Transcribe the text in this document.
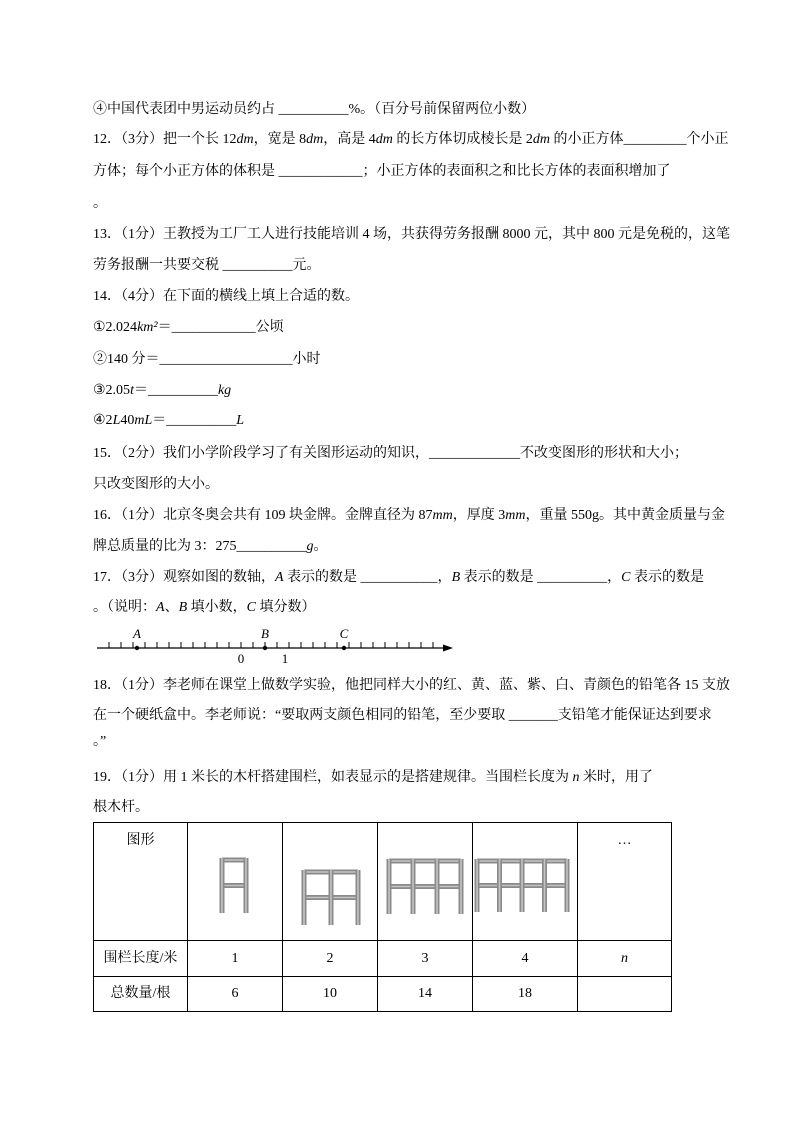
④中国代表团中男运动员约占 __________%。（百分号前保留两位小数）
12．（3分）把一个长 12dm，宽是 8dm，高是 4dm 的长方体切成棱长是 2dm 的小正方体_________个小正
方体；每个小正方体的体积是 ____________；小正方体的表面积之和比长方体的表面积增加了
。
13．（1分）王教授为工厂工人进行技能培训 4 场，共获得劳务报酬 8000 元，其中 800 元是免税的，这笔
劳务报酬一共要交税 __________元。
14．（4分）在下面的横线上填上合适的数。
①2.024km²＝____________公顷
②140 分＝___________________小时
③2.05t＝__________kg
④2L40mL＝__________L
15．（2分）我们小学阶段学习了有关图形运动的知识，_____________不改变图形的形状和大小；
只改变图形的大小。
16．（1分）北京冬奥会共有 109 块金牌。金牌直径为 87mm，厚度 3mm，重量 550g。其中黄金质量与金
牌总质量的比为 3：275__________g。
17．（3分）观察如图的数轴，A 表示的数是 ___________，B 表示的数是 __________，C 表示的数是
。（说明：A、B 填小数，C 填分数）
18．（1分）李老师在课堂上做数学实验，他把同样大小的红、黄、蓝、紫、白、青颜色的铅笔各 15 支放
在一个硬纸盒中。李老师说：“要取两支颜色相同的铅笔，至少要取 _______支铅笔才能保证达到要求
。”
19．（1分）用 1 米长的木杆搭建围栏，如表显示的是搭建规律。当围栏长度为 n 米时，用了
根木杆。
图形					…
围栏长度/米	1	2	3	4	n
总数量/根	6	10	14	18	
A	B	C
0	1
